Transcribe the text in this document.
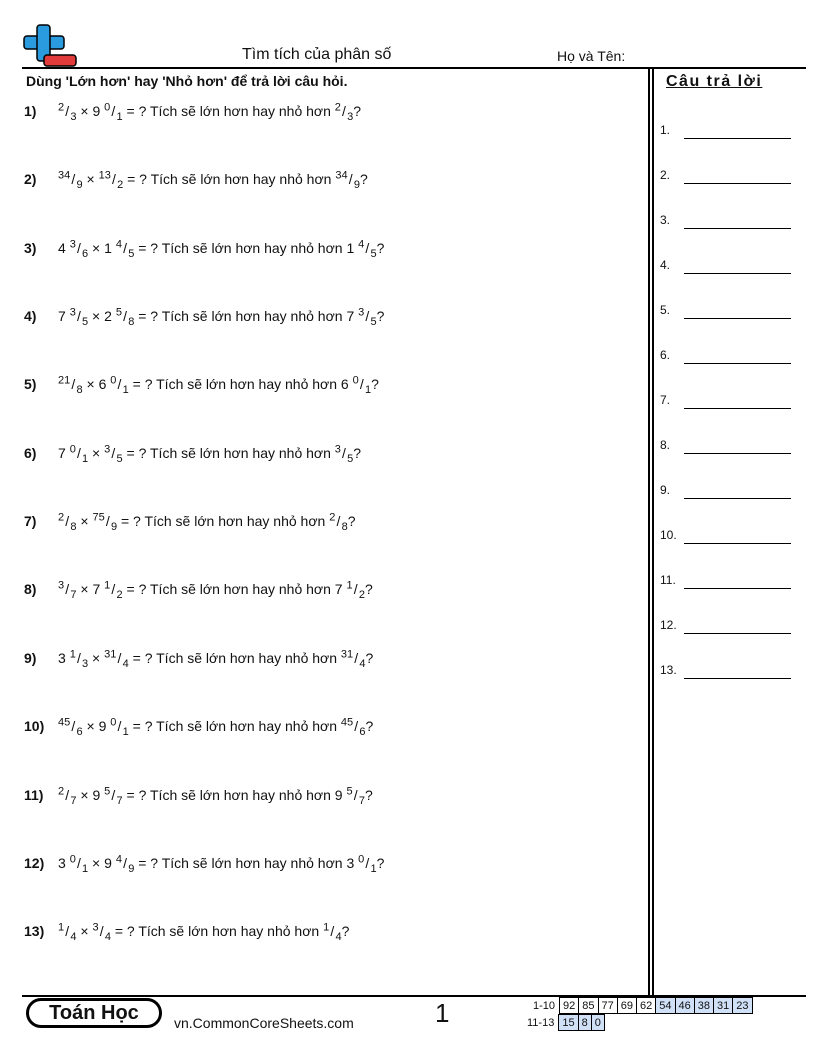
Tìm tích của phân số	Họ và Tên:
Dùng 'Lớn hơn' hay 'Nhỏ hơn' để trả lời câu hỏi.	Câu trả lời
1) $^2$ / $_3$ × 9 $^0$ / $_1$ = ? Tích sẽ lớn hơn hay nhỏ hơn $^2$ / $_3$?
2) $^{34}$ / $_9$ × $^{13}$ / $_2$ = ? Tích sẽ lớn hơn hay nhỏ hơn $^{34}$ / $_9$?
3) 4 $^3$ / $_6$ × 1 $^4$ / $_5$ = ? Tích sẽ lớn hơn hay nhỏ hơn 1 $^4$ / $_5$?
4) 7 $^3$ / $_5$ × 2 $^5$ / $_8$ = ? Tích sẽ lớn hơn hay nhỏ hơn 7 $^3$ / $_5$?
5) $^{21}$ / $_8$ × 6 $^0$ / $_1$ = ? Tích sẽ lớn hơn hay nhỏ hơn 6 $^0$ / $_1$?
6) 7 $^0$ / $_1$ × $^3$ / $_5$ = ? Tích sẽ lớn hơn hay nhỏ hơn $^3$ / $_5$?
7) $^2$ / $_8$ × $^{75}$ / $_9$ = ? Tích sẽ lớn hơn hay nhỏ hơn $^2$ / $_8$?
8) $^3$ / $_7$ × 7 $^1$ / $_2$ = ? Tích sẽ lớn hơn hay nhỏ hơn 7 $^1$ / $_2$?
9) 3 $^1$ / $_3$ × $^{31}$ / $_4$ = ? Tích sẽ lớn hơn hay nhỏ hơn $^{31}$ / $_4$?
10) $^{45}$ / $_6$ × 9 $^0$ / $_1$ = ? Tích sẽ lớn hơn hay nhỏ hơn $^{45}$ / $_6$?
11) $^2$ / $_7$ × 9 $^5$ / $_7$ = ? Tích sẽ lớn hơn hay nhỏ hơn 9 $^5$ / $_7$?
12) 3 $^0$ / $_1$ × 9 $^4$ / $_9$ = ? Tích sẽ lớn hơn hay nhỏ hơn 3 $^0$ / $_1$?
13) $^1$ / $_4$ × $^3$ / $_4$ = ? Tích sẽ lớn hơn hay nhỏ hơn $^1$ / $_4$?
1.
2.
3.
4.
5.
6.
7.
8.
9.
10.
11.
12.
13.
Toán Học	vn.CommonCoreSheets.com	1	1-10	92	85	77	69	62	54	46	38	31	23
11-13	15	8	0
